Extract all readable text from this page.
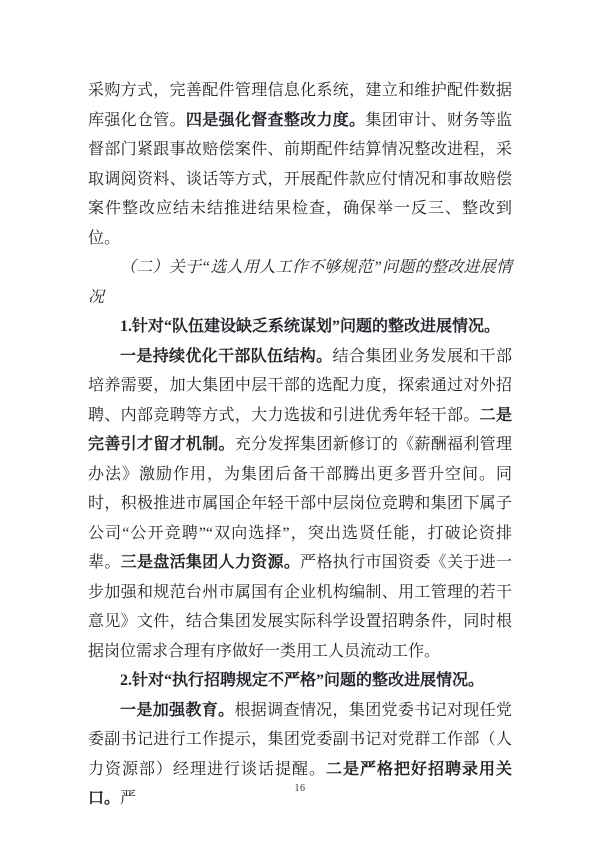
采购方式，完善配件管理信息化系统，建立和维护配件数据库强化仓管。四是强化督查整改力度。集团审计、财务等监督部门紧跟事故赔偿案件、前期配件结算情况整改进程，采取调阅资料、谈话等方式，开展配件款应付情况和事故赔偿案件整改应结未结推进结果检查，确保举一反三、整改到位。

（二）关于“选人用人工作不够规范”问题的整改进展情况

1.针对“队伍建设缺乏系统谋划”问题的整改进展情况。

一是持续优化干部队伍结构。结合集团业务发展和干部培养需要，加大集团中层干部的选配力度，探索通过对外招聘、内部竞聘等方式，大力选拔和引进优秀年轻干部。二是完善引才留才机制。充分发挥集团新修订的《薪酬福利管理办法》激励作用，为集团后备干部腾出更多晋升空间。同时，积极推进市属国企年轻干部中层岗位竞聘和集团下属子公司“公开竞聘”“双向选择”，突出选贤任能，打破论资排辈。三是盘活集团人力资源。严格执行市国资委《关于进一步加强和规范台州市属国有企业机构编制、用工管理的若干意见》文件，结合集团发展实际科学设置招聘条件，同时根据岗位需求合理有序做好一类用工人员流动工作。

2.针对“执行招聘规定不严格”问题的整改进展情况。

一是加强教育。根据调查情况，集团党委书记对现任党委副书记进行工作提示，集团党委副书记对党群工作部（人力资源部）经理进行谈话提醒。二是严格把好招聘录用关口。严

16
